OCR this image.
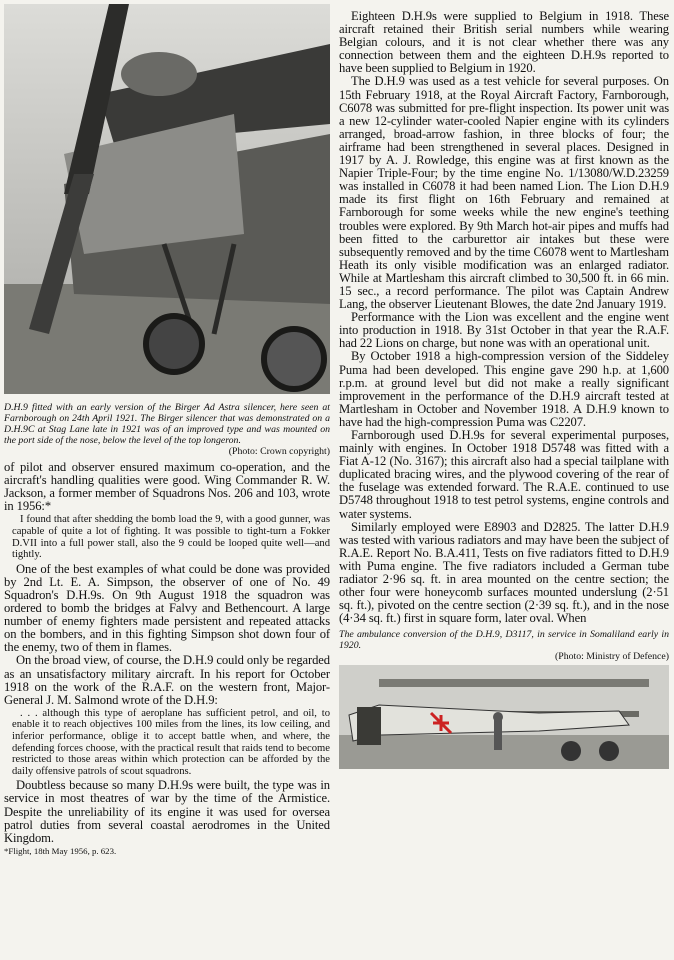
D.H.9 fitted with an early version of the Birger Ad Astra silencer, here seen at Farnborough on 24th April 1921. The Birger silencer that was demonstrated on a D.H.9C at Stag Lane late in 1921 was of an improved type and was mounted on the port side of the nose, below the level of the top longeron.
(Photo: Crown copyright)

of pilot and observer ensured maximum co-operation, and the aircraft's handling qualities were good. Wing Commander R. W. Jackson, a former member of Squadrons Nos. 206 and 103, wrote in 1956:*

I found that after shedding the bomb load the 9, with a good gunner, was capable of quite a lot of fighting. It was possible to tight-turn a Fokker D.VII into a full power stall, also the 9 could be looped quite well—and tightly.

One of the best examples of what could be done was provided by 2nd Lt. E. A. Simpson, the observer of one of No. 49 Squadron's D.H.9s. On 9th August 1918 the squadron was ordered to bomb the bridges at Falvy and Bethencourt. A large number of enemy fighters made persistent and repeated attacks on the bombers, and in this fighting Simpson shot down four of the enemy, two of them in flames.

On the broad view, of course, the D.H.9 could only be regarded as an unsatisfactory military aircraft. In his report for October 1918 on the work of the R.A.F. on the western front, Major-General J. M. Salmond wrote of the D.H.9:

. . . although this type of aeroplane has sufficient petrol, and oil, to enable it to reach objectives 100 miles from the lines, its low ceiling, and inferior performance, oblige it to accept battle when, and where, the defending forces choose, with the practical result that raids tend to become restricted to those areas within which protection can be afforded by the daily offensive patrols of scout squadrons.

Doubtless because so many D.H.9s were built, the type was in service in most theatres of war by the time of the Armistice. Despite the unreliability of its engine it was used for oversea patrol duties from several coastal aerodromes in the United Kingdom.

*Flight, 18th May 1956, p. 623.

Eighteen D.H.9s were supplied to Belgium in 1918. These aircraft retained their British serial numbers while wearing Belgian colours, and it is not clear whether there was any connection between them and the eighteen D.H.9s reported to have been supplied to Belgium in 1920.

The D.H.9 was used as a test vehicle for several purposes. On 15th February 1918, at the Royal Aircraft Factory, Farnborough, C6078 was submitted for pre-flight inspection. Its power unit was a new 12-cylinder water-cooled Napier engine with its cylinders arranged, broad-arrow fashion, in three blocks of four; the airframe had been strengthened in several places. Designed in 1917 by A. J. Rowledge, this engine was at first known as the Napier Triple-Four; by the time engine No. 1/13080/W.D.23259 was installed in C6078 it had been named Lion. The Lion D.H.9 made its first flight on 16th February and remained at Farnborough for some weeks while the new engine's teething troubles were explored. By 9th March hot-air pipes and muffs had been fitted to the carburettor air intakes but these were subsequently removed and by the time C6078 went to Martlesham Heath its only visible modification was an enlarged radiator. While at Martlesham this aircraft climbed to 30,500 ft. in 66 min. 15 sec., a record performance. The pilot was Captain Andrew Lang, the observer Lieutenant Blowes, the date 2nd January 1919.

Performance with the Lion was excellent and the engine went into production in 1918. By 31st October in that year the R.A.F. had 22 Lions on charge, but none was with an operational unit.

By October 1918 a high-compression version of the Siddeley Puma had been developed. This engine gave 290 h.p. at 1,600 r.p.m. at ground level but did not make a really significant improvement in the performance of the D.H.9 aircraft tested at Martlesham in October and November 1918. A D.H.9 known to have had the high-compression Puma was C2207.

Farnborough used D.H.9s for several experimental purposes, mainly with engines. In October 1918 D5748 was fitted with a Fiat A-12 (No. 3167); this aircraft also had a special tailplane with duplicated bracing wires, and the plywood covering of the rear of the fuselage was extended forward. The R.A.E. continued to use D5748 throughout 1918 to test petrol systems, engine controls and water systems.

Similarly employed were E8903 and D2825. The latter D.H.9 was tested with various radiators and may have been the subject of R.A.E. Report No. B.A.411, Tests on five radiators fitted to D.H.9 with Puma engine. The five radiators included a German tube radiator 2·96 sq. ft. in area mounted on the centre section; the other four were honeycomb surfaces mounted underslung (2·51 sq. ft.), pivoted on the centre section (2·39 sq. ft.), and in the nose (4·34 sq. ft.) first in square form, later oval. When

The ambulance conversion of the D.H.9, D3117, in service in Somaliland early in 1920.
(Photo: Ministry of Defence)
